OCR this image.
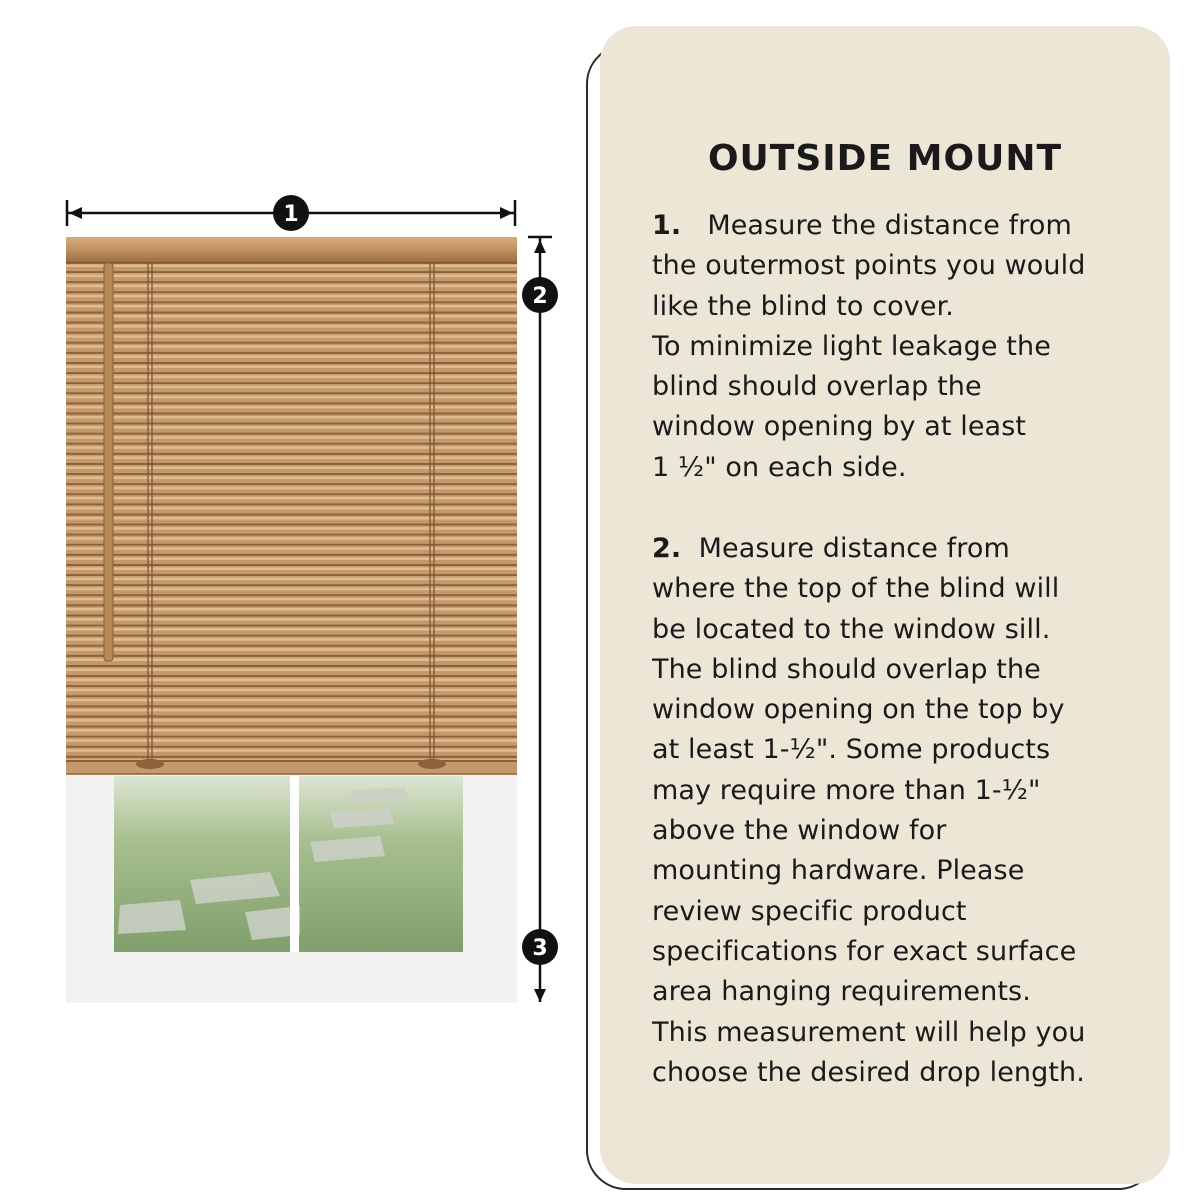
1
2
3
OUTSIDE MOUNT

1. Measure the distance from
the outermost points you would
like the blind to cover.
To minimize light leakage the
blind should overlap the
window opening by at least
1 ½" on each side.

2. Measure distance from
where the top of the blind will
be located to the window sill.
The blind should overlap the
window opening on the top by
at least 1-½". Some products
may require more than 1-½"
above the window for
mounting hardware. Please
review specific product
specifications for exact surface
area hanging requirements.
This measurement will help you
choose the desired drop length.
